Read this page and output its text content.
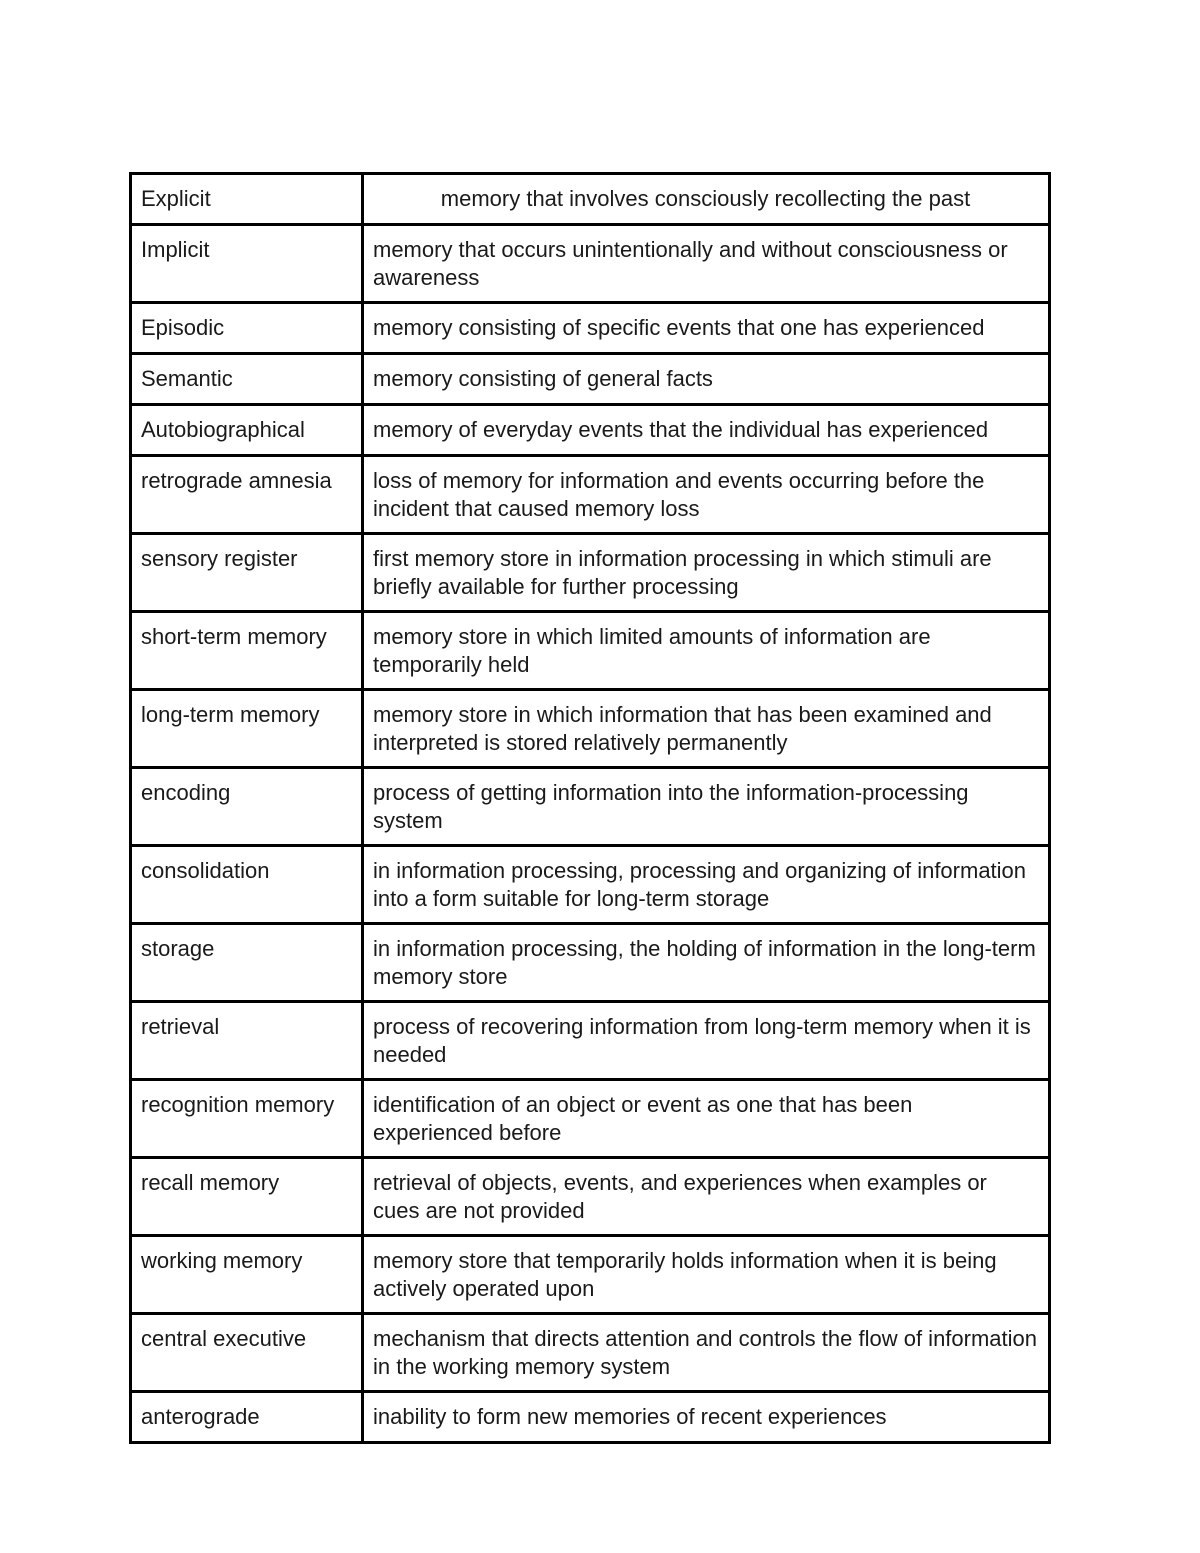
Explicit	memory that involves consciously recollecting the past
Implicit	memory that occurs unintentionally and without consciousness or awareness
Episodic	memory consisting of specific events that one has experienced
Semantic	memory consisting of general facts
Autobiographical	memory of everyday events that the individual has experienced
retrograde amnesia	loss of memory for information and events occurring before the incident that caused memory loss
sensory register	first memory store in information processing in which stimuli are briefly available for further processing
short-term memory	memory store in which limited amounts of information are temporarily held
long-term memory	memory store in which information that has been examined and interpreted is stored relatively permanently
encoding	process of getting information into the information-processing system
consolidation	in information processing, processing and organizing of information into a form suitable for long-term storage
storage	in information processing, the holding of information in the long-term memory store
retrieval	process of recovering information from long-term memory when it is needed
recognition memory	identification of an object or event as one that has been experienced before
recall memory	retrieval of objects, events, and experiences when examples or cues are not provided
working memory	memory store that temporarily holds information when it is being actively operated upon
central executive	mechanism that directs attention and controls the flow of information in the working memory system
anterograde	inability to form new memories of recent experiences
